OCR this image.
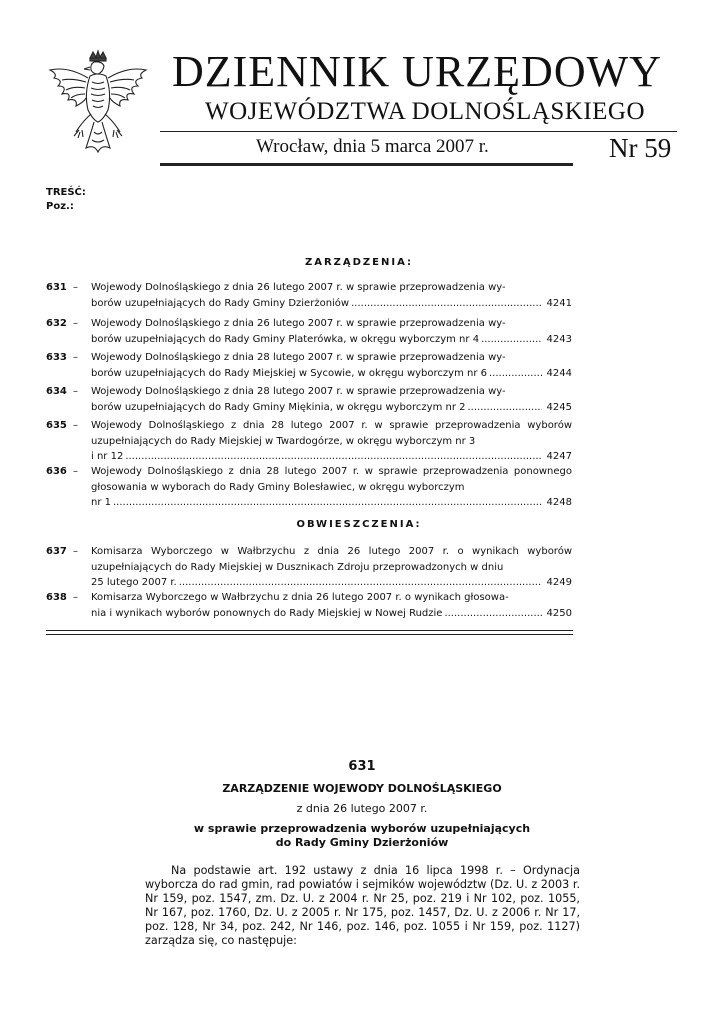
DZIENNIK URZĘDOWY
WOJEWÓDZTWA DOLNOŚLĄSKIEGO
Wrocław, dnia 5 marca 2007 r.	Nr 59
TREŚĆ:
Poz.:
ZARZĄDZENIA:
631 – Wojewody Dolnośląskiego z dnia 26 lutego 2007 r. w sprawie przeprowadzenia wy-
borów uzupełniających do Rady Gminy Dzierżoniów .....	4241
632 – Wojewody Dolnośląskiego z dnia 26 lutego 2007 r. w sprawie przeprowadzenia wy-
borów uzupełniających do Rady Gminy Platerówka, w okręgu wyborczym nr 4 .....	4243
633 – Wojewody Dolnośląskiego z dnia 28 lutego 2007 r. w sprawie przeprowadzenia wy-
borów uzupełniających do Rady Miejskiej w Sycowie, w okręgu wyborczym nr 6 .....	4244
634 – Wojewody Dolnośląskiego z dnia 28 lutego 2007 r. w sprawie przeprowadzenia wy-
borów uzupełniających do Rady Gminy Miękinia, w okręgu wyborczym nr 2 .....	4245
635 – Wojewody Dolnośląskiego z dnia 28 lutego 2007 r. w sprawie przeprowadzenia wyborów uzupełniających do Rady Miejskiej w Twardogórze, w okręgu wyborczym nr 3
i nr 12 .....	4247
636 – Wojewody Dolnośląskiego z dnia 28 lutego 2007 r. w sprawie przeprowadzenia ponownego głosowania w wyborach do Rady Gminy Bolesławiec, w okręgu wyborczym
nr 1 .....	4248
OBWIESZCZENIA:
637 – Komisarza Wyborczego w Wałbrzychu z dnia 26 lutego 2007 r. o wynikach wyborów uzupełniających do Rady Miejskiej w Duszniкach Zdroju przeprowadzonych w dniu
25 lutego 2007 r. .....	4249
638 – Komisarza Wyborczego w Wałbrzychu z dnia 26 lutego 2007 r. o wynikach głosowa-
nia i wynikach wyborów ponownych do Rady Miejskiej w Nowej Rudzie .....	4250
631
ZARZĄDZENIE WOJEWODY DOLNOŚLĄSKIEGO
z dnia 26 lutego 2007 r.
w sprawie przeprowadzenia wyborów uzupełniających
do Rady Gminy Dzierżoniów
Na podstawie art. 192 ustawy z dnia 16 lipca 1998 r. – Ordynacja wyborcza do rad gmin, rad powiatów i sejmików województw (Dz. U. z 2003 r. Nr 159, poz. 1547, zm. Dz. U. z 2004 r. Nr 25, poz. 219 i Nr 102, poz. 1055, Nr 167, poz. 1760, Dz. U. z 2005 r. Nr 175, poz. 1457, Dz. U. z 2006 r. Nr 17, poz. 128, Nr 34, poz. 242, Nr 146, poz. 146, poz. 1055 i Nr 159, poz. 1127) zarządza się, co następuje:
